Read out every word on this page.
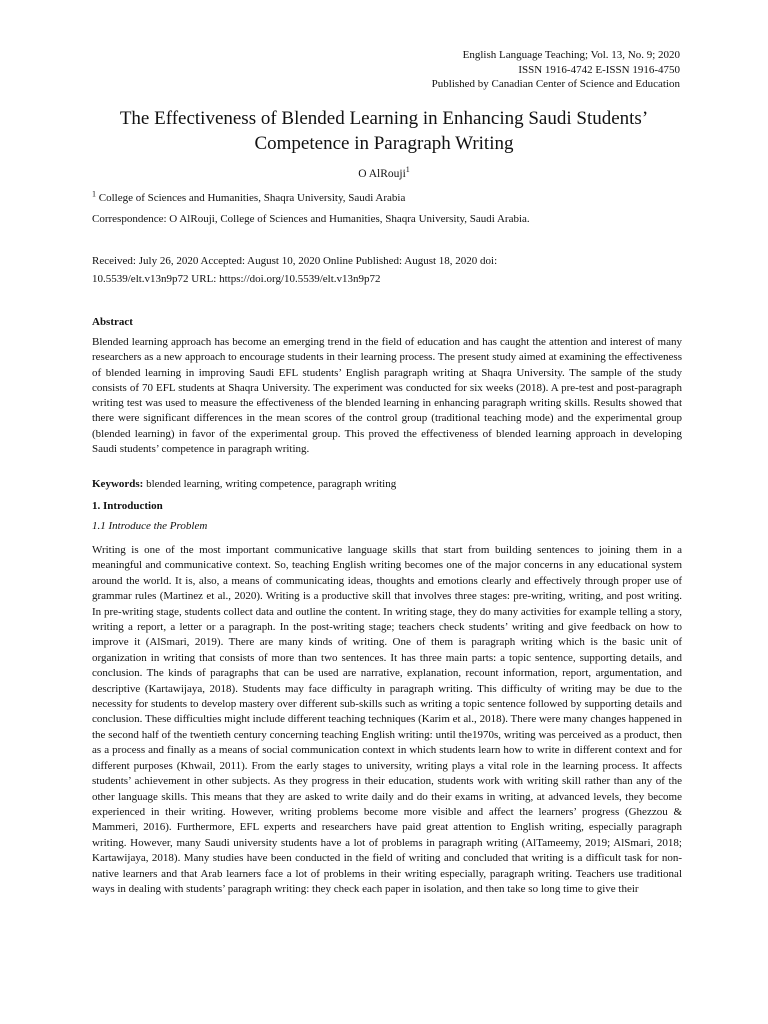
English Language Teaching; Vol. 13, No. 9; 2020
ISSN 1916-4742 E-ISSN 1916-4750
Published by Canadian Center of Science and Education
The Effectiveness of Blended Learning in Enhancing Saudi Students’
Competence in Paragraph Writing
O AlRouji$^1$
$^1$ College of Sciences and Humanities, Shaqra University, Saudi Arabia
Correspondence: O AlRouji, College of Sciences and Humanities, Shaqra University, Saudi Arabia.
Received: July 26, 2020 Accepted: August 10, 2020 Online Published: August 18, 2020 doi:
10.5539/elt.v13n9p72 URL: https://doi.org/10.5539/elt.v13n9p72
Abstract

Blended learning approach has become an emerging trend in the field of education and has caught the attention and interest of many researchers as a new approach to encourage students in their learning process. The present study aimed at examining the effectiveness of blended learning in improving Saudi EFL students’ English paragraph writing at Shaqra University. The sample of the study consists of 70 EFL students at Shaqra University. The experiment was conducted for six weeks (2018). A pre-test and post-paragraph writing test was used to measure the effectiveness of the blended learning in enhancing paragraph writing skills. Results showed that there were significant differences in the mean scores of the control group (traditional teaching mode) and the experimental group (blended learning) in favor of the experimental group. This proved the effectiveness of blended learning approach in developing Saudi students’ competence in paragraph writing.

Keywords: blended learning, writing competence, paragraph writing
1. Introduction
1.1 Introduce the Problem

Writing is one of the most important communicative language skills that start from building sentences to joining them in a meaningful and communicative context. So, teaching English writing becomes one of the major concerns in any educational system around the world. It is, also, a means of communicating ideas, thoughts and emotions clearly and effectively through proper use of grammar rules (Martinez et al., 2020). Writing is a productive skill that involves three stages: pre-writing, writing, and post writing. In pre-writing stage, students collect data and outline the content. In writing stage, they do many activities for example telling a story, writing a report, a letter or a paragraph. In the post-writing stage; teachers check students’ writing and give feedback on how to improve it (AlSmari, 2019). There are many kinds of writing. One of them is paragraph writing which is the basic unit of organization in writing that consists of more than two sentences. It has three main parts: a topic sentence, supporting details, and conclusion. The kinds of paragraphs that can be used are narrative, explanation, recount information, report, argumentation, and descriptive (Kartawijaya, 2018). Students may face difficulty in paragraph writing. This difficulty of writing may be due to the necessity for students to develop mastery over different sub-skills such as writing a topic sentence followed by supporting details and conclusion. These difficulties might include different teaching techniques (Karim et al., 2018). There were many changes happened in the second half of the twentieth century concerning teaching English writing: until the1970s, writing was perceived as a product, then as a process and finally as a means of social communication context in which students learn how to write in different context and for different purposes (Khwail, 2011). From the early stages to university, writing plays a vital role in the learning process. It affects students’ achievement in other subjects. As they progress in their education, students work with writing skill rather than any of the other language skills. This means that they are asked to write daily and do their exams in writing, at advanced levels, they become experienced in their writing. However, writing problems become more visible and affect the learners’ progress (Ghezzou & Mammeri, 2016). Furthermore, EFL experts and researchers have paid great attention to English writing, especially paragraph writing. However, many Saudi university students have a lot of problems in paragraph writing (AlTameemy, 2019; AlSmari, 2018; Kartawijaya, 2018). Many studies have been conducted in the field of writing and concluded that writing is a difficult task for non-native learners and that Arab learners face a lot of problems in their writing especially, paragraph writing. Teachers use traditional ways in dealing with students’ paragraph writing: they check each paper in isolation, and then take so long time to give their
